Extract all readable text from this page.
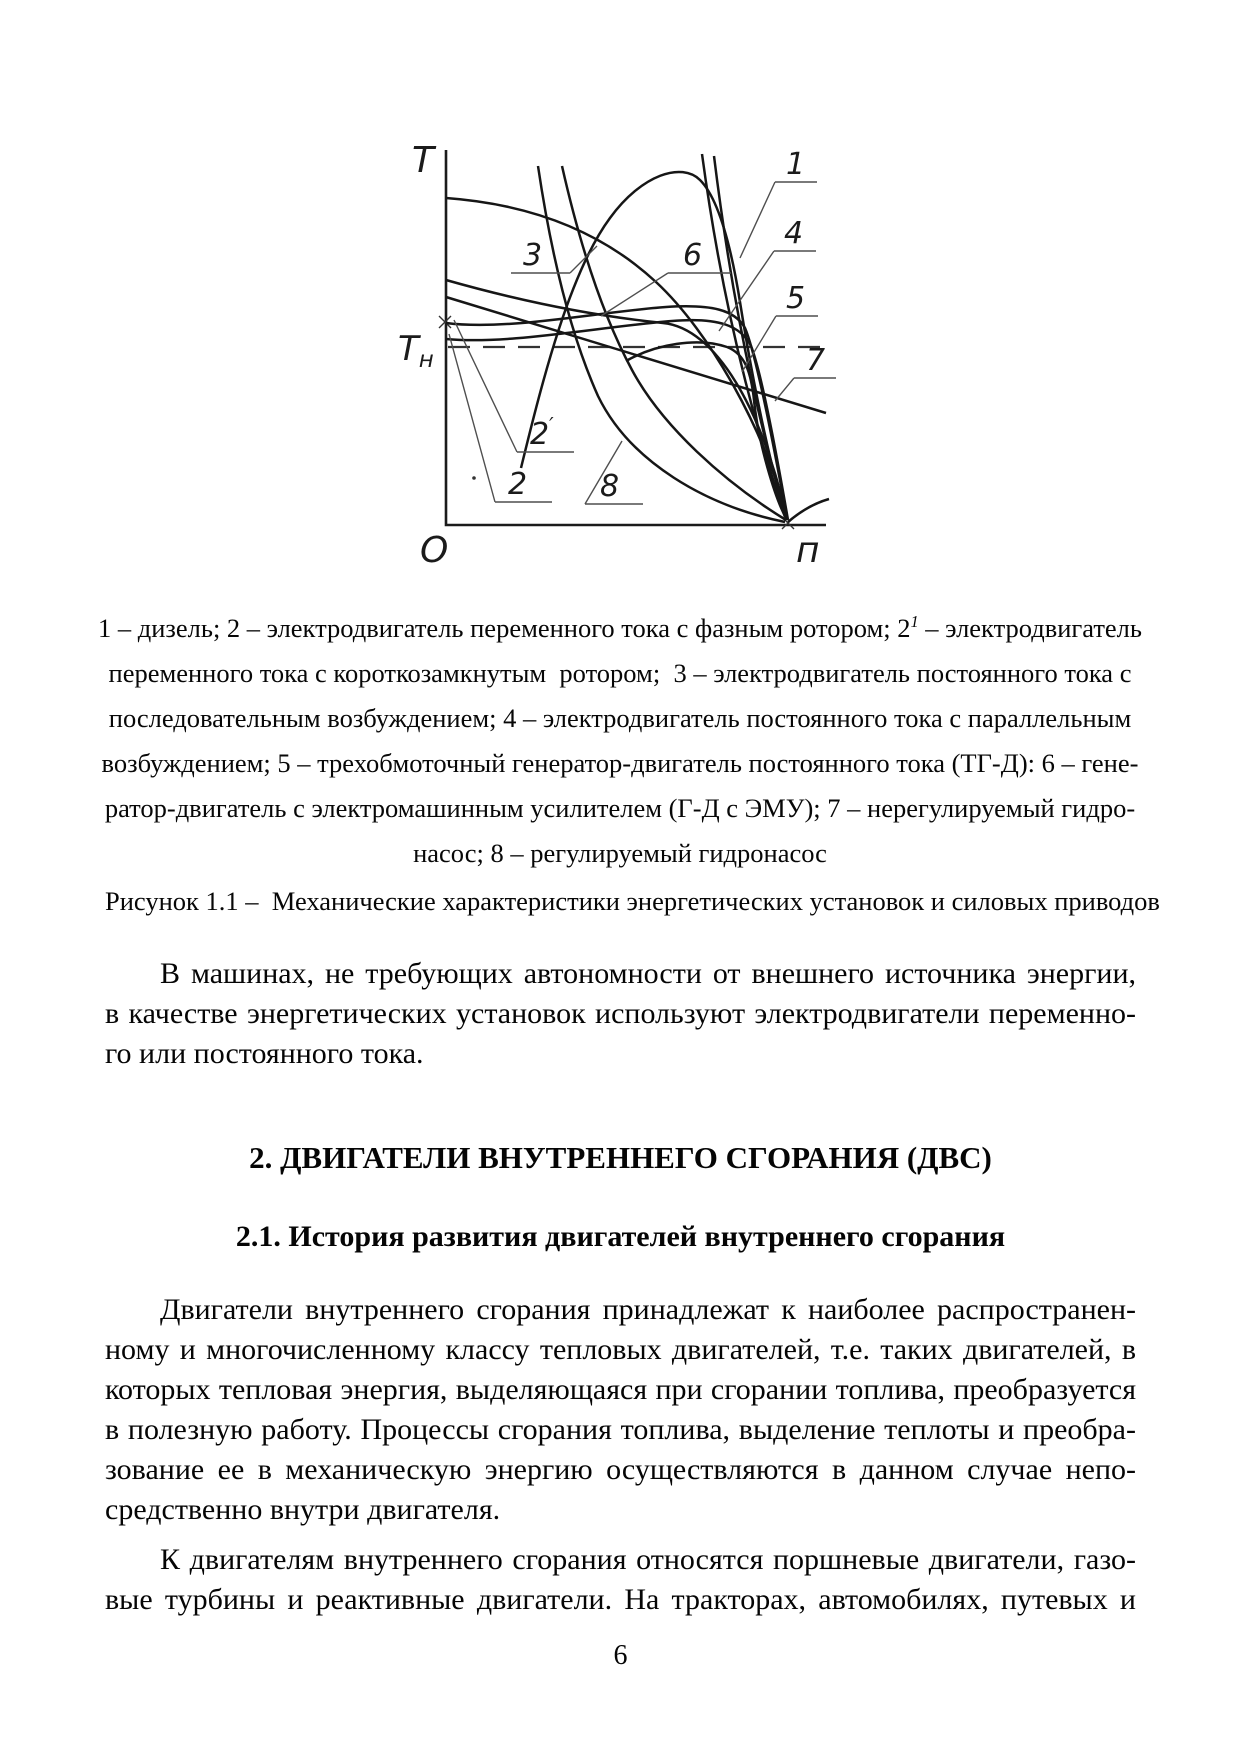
T
$T_н$
O	п
1
4
5
7
3	6
2′
2 8
1 – дизель; 2 – электродвигатель переменного тока с фазным ротором; $2^1$ – электродвигатель
переменного тока с короткозамкнутым  ротором;  3 – электродвигатель постоянного тока с
последовательным возбуждением; 4 – электродвигатель постоянного тока с параллельным
возбуждением; 5 – трехобмоточный генератор-двигатель постоянного тока (ТГ-Д): 6 – гене-
ратор-двигатель с электромашинным усилителем (Г-Д с ЭМУ); 7 – нерегулируемый гидро-
насос; 8 – регулируемый гидронасос
Рисунок 1.1 –  Механические характеристики энергетических установок и силовых приводов
В машинах, не требующих автономности от внешнего источника энергии,
в качестве энергетических установок используют электродвигатели переменно-
го или постоянного тока.
2. ДВИГАТЕЛИ ВНУТРЕННЕГО СГОРАНИЯ (ДВС)
2.1. История развития двигателей внутреннего сгорания
Двигатели внутреннего сгорания принадлежат к наиболее распространен-
ному и многочисленному классу тепловых двигателей, т.е. таких двигателей, в
которых тепловая энергия, выделяющаяся при сгорании топлива, преобразуется
в полезную работу. Процессы сгорания топлива, выделение теплоты и преобра-
зование ее в механическую энергию осуществляются в данном случае непо-
средственно внутри двигателя.
К двигателям внутреннего сгорания относятся поршневые двигатели, газо-
вые турбины и реактивные двигатели. На тракторах, автомобилях, путевых и
6
